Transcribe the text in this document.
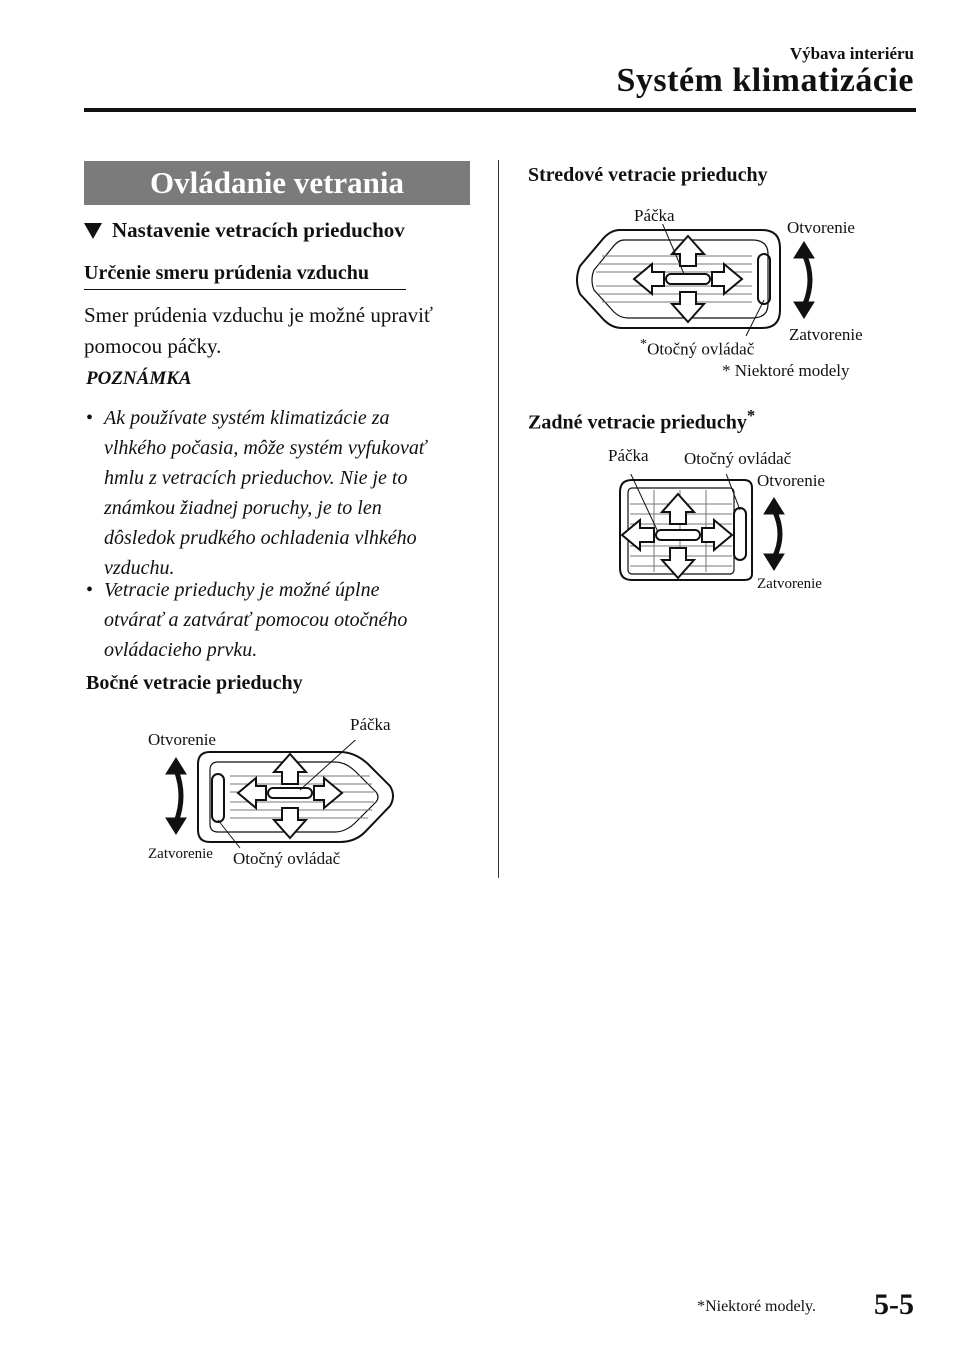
Výbava interiéru
Systém klimatizácie
Ovládanie vetrania
Nastavenie vetracích prieduchov
Určenie smeru prúdenia vzduchu
Smer prúdenia vzduchu je možné upraviť
pomocou páčky.
POZNÁMKA
• Ak používate systém klimatizácie za
vlhkého počasia, môže systém vyfukovať
hmlu z vetracích prieduchov. Nie je to
známkou žiadnej poruchy, je to len
dôsledok prudkého ochladenia vlhkého
vzduchu.
• Vetracie prieduchy je možné úplne
otvárať a zatvárať pomocou otočného
ovládacieho prvku.
Bočné vetracie prieduchy
Otvorenie
Páčka
Zatvorenie Otočný ovládač
Stredové vetracie prieduchy
Páčka
Otvorenie
Zatvorenie
*Otočný ovládač
* Niektoré modely
Zadné vetracie prieduchy*
Páčka Otočný ovládač
Otvorenie
Zatvorenie
*Niektoré modely. 5-5
